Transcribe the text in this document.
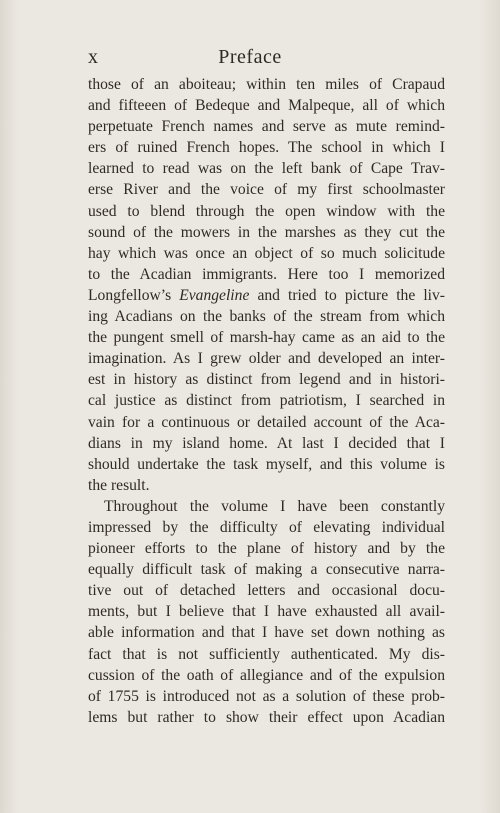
x	Preface
those of an aboiteau; within ten miles of Crapaud
and fifteeen of Bedeque and Malpeque, all of which
perpetuate French names and serve as mute remind-
ers of ruined French hopes. The school in which I
learned to read was on the left bank of Cape Trav-
erse River and the voice of my first schoolmaster
used to blend through the open window with the
sound of the mowers in the marshes as they cut the
hay which was once an object of so much solicitude
to the Acadian immigrants. Here too I memorized
Longfellow’s Evangeline and tried to picture the liv-
ing Acadians on the banks of the stream from which
the pungent smell of marsh-hay came as an aid to the
imagination. As I grew older and developed an inter-
est in history as distinct from legend and in histori-
cal justice as distinct from patriotism, I searched in
vain for a continuous or detailed account of the Aca-
dians in my island home. At last I decided that I
should undertake the task myself, and this volume is
the result.
Throughout the volume I have been constantly
impressed by the difficulty of elevating individual
pioneer efforts to the plane of history and by the
equally difficult task of making a consecutive narra-
tive out of detached letters and occasional docu-
ments, but I believe that I have exhausted all avail-
able information and that I have set down nothing as
fact that is not sufficiently authenticated. My dis-
cussion of the oath of allegiance and of the expulsion
of 1755 is introduced not as a solution of these prob-
lems but rather to show their effect upon Acadian
